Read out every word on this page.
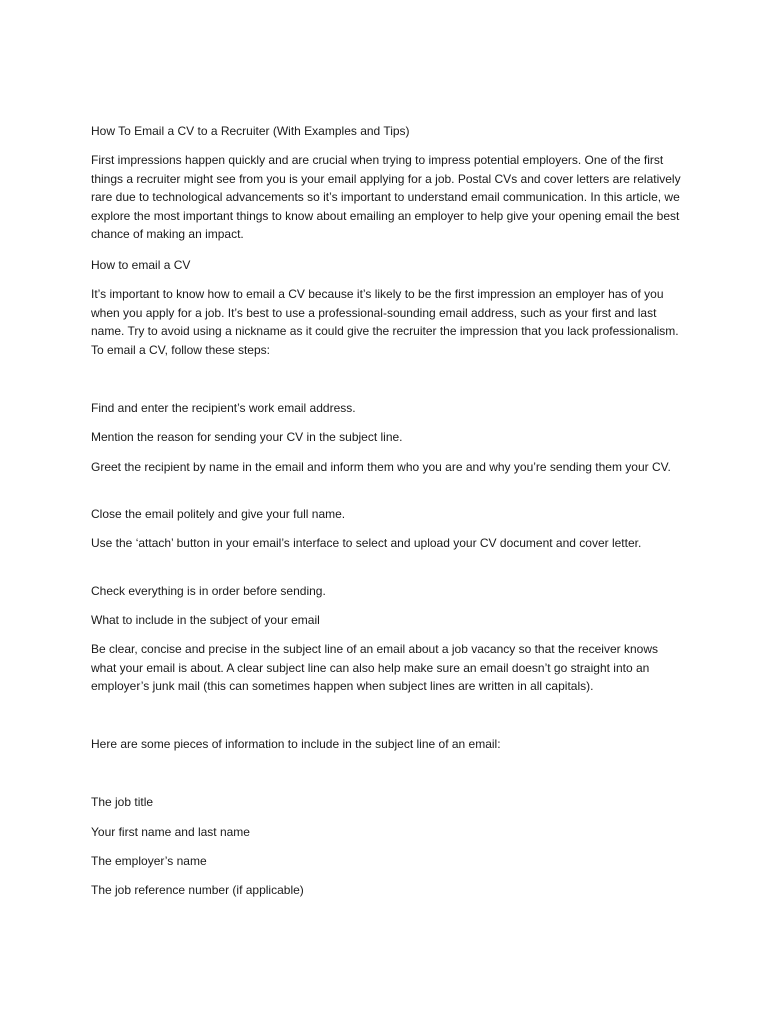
How To Email a CV to a Recruiter (With Examples and Tips)

First impressions happen quickly and are crucial when trying to impress potential employers. One of the first things a recruiter might see from you is your email applying for a job. Postal CVs and cover letters are relatively rare due to technological advancements so it’s important to understand email communication. In this article, we explore the most important things to know about emailing an employer to help give your opening email the best chance of making an impact.

How to email a CV

It’s important to know how to email a CV because it’s likely to be the first impression an employer has of you when you apply for a job. It’s best to use a professional-sounding email address, such as your first and last name. Try to avoid using a nickname as it could give the recruiter the impression that you lack professionalism. To email a CV, follow these steps:

Find and enter the recipient’s work email address.

Mention the reason for sending your CV in the subject line.

Greet the recipient by name in the email and inform them who you are and why you’re sending them your CV.

Close the email politely and give your full name.

Use the ‘attach’ button in your email’s interface to select and upload your CV document and cover letter.

Check everything is in order before sending.

What to include in the subject of your email

Be clear, concise and precise in the subject line of an email about a job vacancy so that the receiver knows what your email is about. A clear subject line can also help make sure an email doesn’t go straight into an employer’s junk mail (this can sometimes happen when subject lines are written in all capitals).

Here are some pieces of information to include in the subject line of an email:

The job title

Your first name and last name

The employer’s name

The job reference number (if applicable)
